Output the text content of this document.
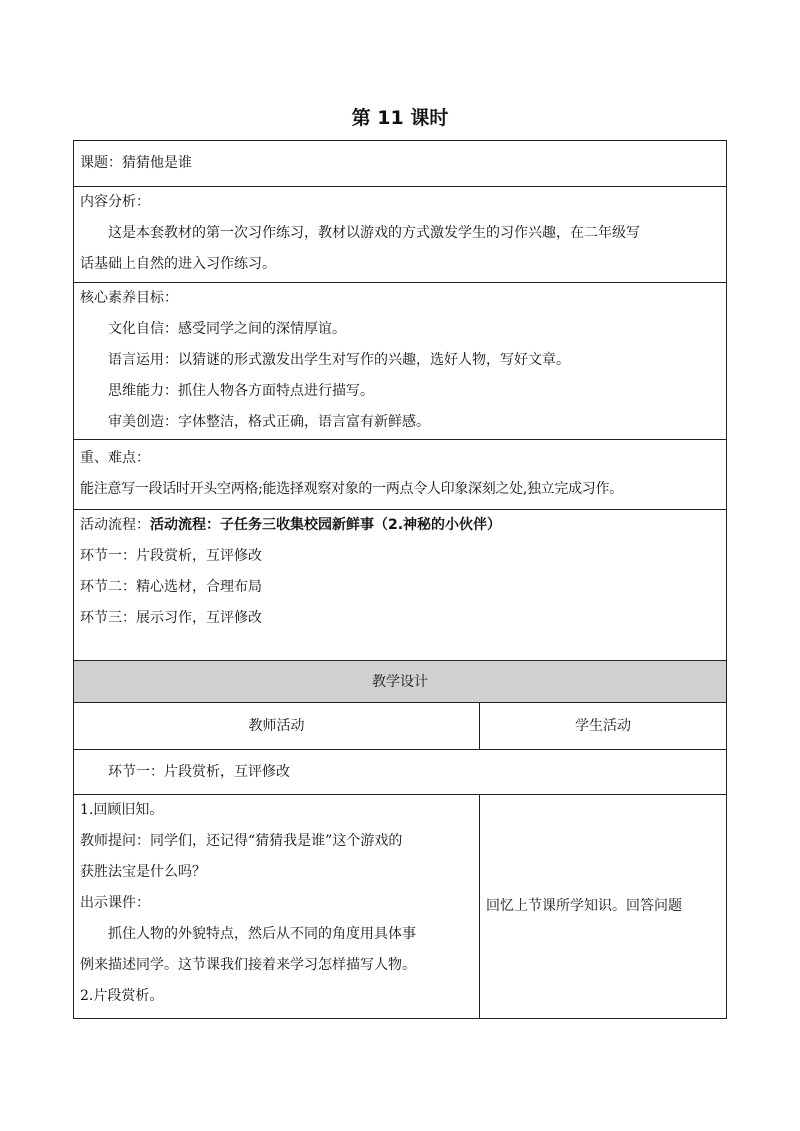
第 11 课时
课题：猜猜他是谁
内容分析：
这是本套教材的第一次习作练习，教材以游戏的方式激发学生的习作兴趣，在二年级写
话基础上自然的进入习作练习。
核心素养目标：
文化自信：感受同学之间的深情厚谊。
语言运用：以猜谜的形式激发出学生对写作的兴趣，选好人物，写好文章。
思维能力：抓住人物各方面特点进行描写。
审美创造：字体整洁，格式正确，语言富有新鲜感。
重、难点：
能注意写一段话时开头空两格;能选择观察对象的一两点令人印象深刻之处,独立完成习作。
活动流程：活动流程：子任务三收集校园新鲜事（2.神秘的小伙伴）
环节一：片段赏析，互评修改
环节二：精心选材，合理布局
环节三：展示习作，互评修改
教学设计
教师活动	学生活动
环节一：片段赏析，互评修改
1.回顾旧知。
教师提问：同学们，还记得“猜猜我是谁”这个游戏的
获胜法宝是什么吗？
出示课件：
抓住人物的外貌特点，然后从不同的角度用具体事
例来描述同学。这节课我们接着来学习怎样描写人物。
2.片段赏析。
回忆上节课所学知识。回答问题
